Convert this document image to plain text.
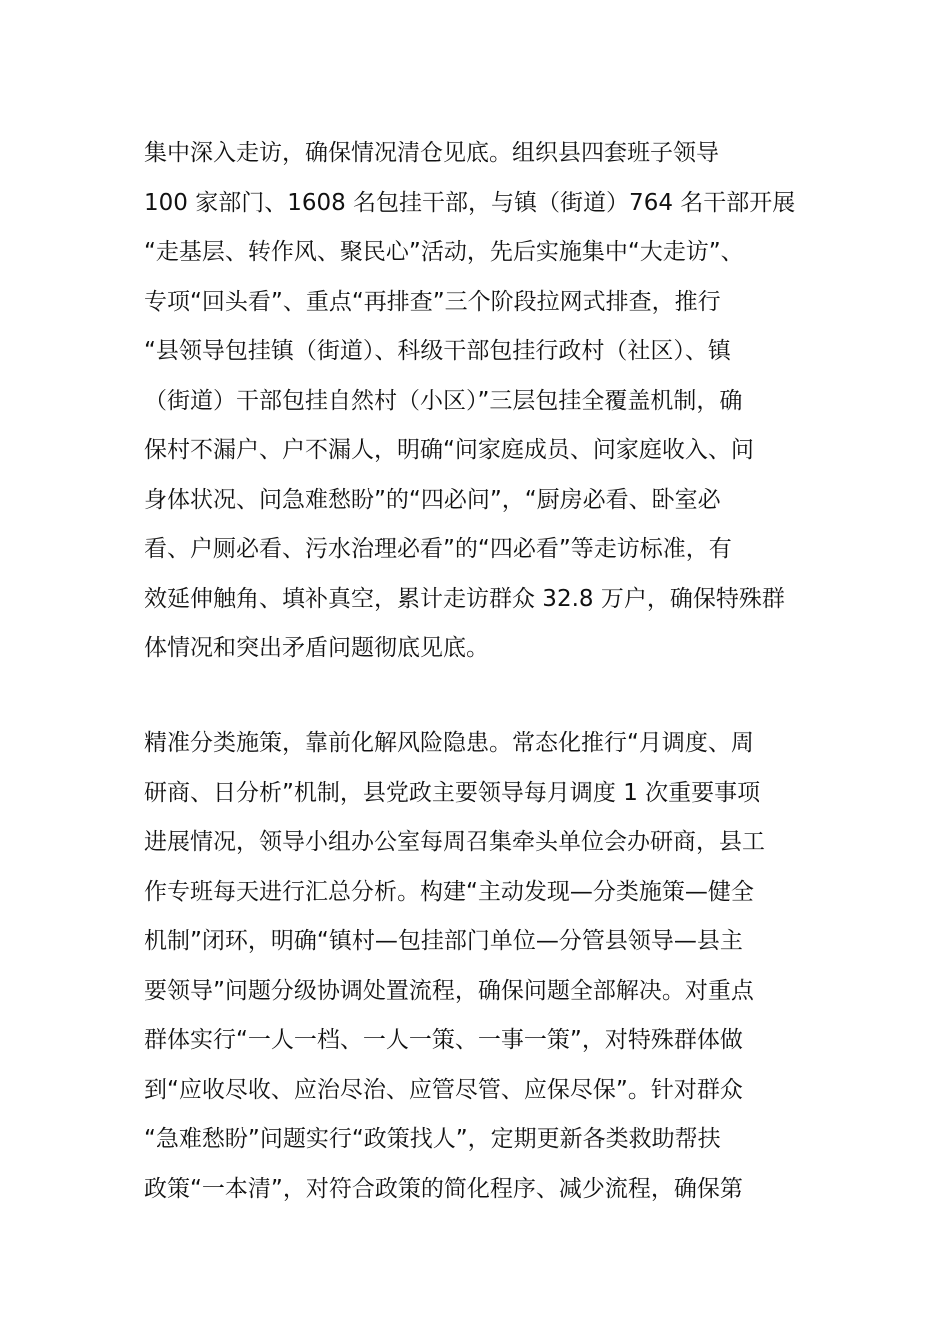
集中深入走访，确保情况清仓见底。组织县四套班子领导
100 家部门、1608 名包挂干部，与镇（街道）764 名干部开展
“走基层、转作风、聚民心”活动，先后实施集中“大走访”、
专项“回头看”、重点“再排查”三个阶段拉网式排查，推行
“县领导包挂镇（街道）、科级干部包挂行政村（社区）、镇
（街道）干部包挂自然村（小区）”三层包挂全覆盖机制，确
保村不漏户、户不漏人，明确“问家庭成员、问家庭收入、问
身体状况、问急难愁盼”的“四必问”，“厨房必看、卧室必
看、户厕必看、污水治理必看”的“四必看”等走访标准，有
效延伸触角、填补真空，累计走访群众 32.8 万户，确保特殊群
体情况和突出矛盾问题彻底见底。
精准分类施策，靠前化解风险隐患。常态化推行“月调度、周
研商、日分析”机制，县党政主要领导每月调度 1 次重要事项
进展情况，领导小组办公室每周召集牵头单位会办研商，县工
作专班每天进行汇总分析。构建“主动发现—分类施策—健全
机制”闭环，明确“镇村—包挂部门单位—分管县领导—县主
要领导”问题分级协调处置流程，确保问题全部解决。对重点
群体实行“一人一档、一人一策、一事一策”，对特殊群体做
到“应收尽收、应治尽治、应管尽管、应保尽保”。针对群众
“急难愁盼”问题实行“政策找人”，定期更新各类救助帮扶
政策“一本清”，对符合政策的简化程序、减少流程，确保第
